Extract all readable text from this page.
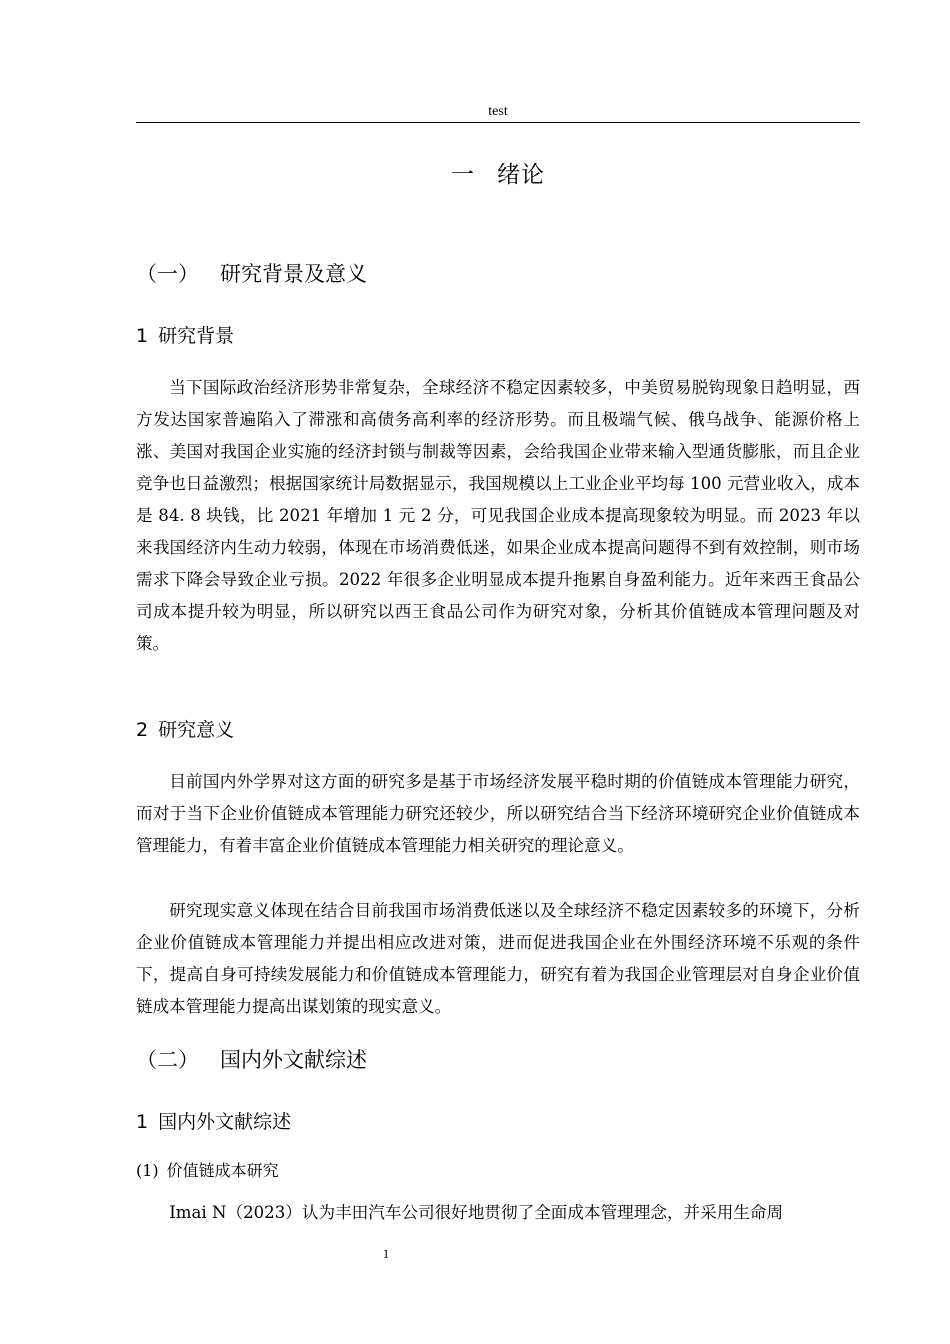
test
一 绪论
（一） 研究背景及意义
1 研究背景

当下国际政治经济形势非常复杂，全球经济不稳定因素较多，中美贸易脱钩现象日趋明显，西方发达国家普遍陷入了滞涨和高债务高利率的经济形势。而且极端气候、俄乌战争、能源价格上涨、美国对我国企业实施的经济封锁与制裁等因素，会给我国企业带来输入型通货膨胀，而且企业竞争也日益激烈；根据国家统计局数据显示，我国规模以上工业企业平均每 100 元营业收入，成本是 84. 8 块钱，比 2021 年增加 1 元 2 分，可见我国企业成本提高现象较为明显。而 2023 年以来我国经济内生动力较弱，体现在市场消费低迷，如果企业成本提高问题得不到有效控制，则市场需求下降会导致企业亏损。2022 年很多企业明显成本提升拖累自身盈利能力。近年来西王食品公司成本提升较为明显，所以研究以西王食品公司作为研究对象，分析其价值链成本管理问题及对策。

2 研究意义

目前国内外学界对这方面的研究多是基于市场经济发展平稳时期的价值链成本管理能力研究，而对于当下企业价值链成本管理能力研究还较少，所以研究结合当下经济环境研究企业价值链成本管理能力，有着丰富企业价值链成本管理能力相关研究的理论意义。

研究现实意义体现在结合目前我国市场消费低迷以及全球经济不稳定因素较多的环境下，分析企业价值链成本管理能力并提出相应改进对策，进而促进我国企业在外围经济环境不乐观的条件下，提高自身可持续发展能力和价值链成本管理能力，研究有着为我国企业管理层对自身企业价值链成本管理能力提高出谋划策的现实意义。

（二） 国内外文献综述
1 国内外文献综述
(1) 价值链成本研究

Imai N（2023）认为丰田汽车公司很好地贯彻了全面成本管理理念，并采用生命周

1
